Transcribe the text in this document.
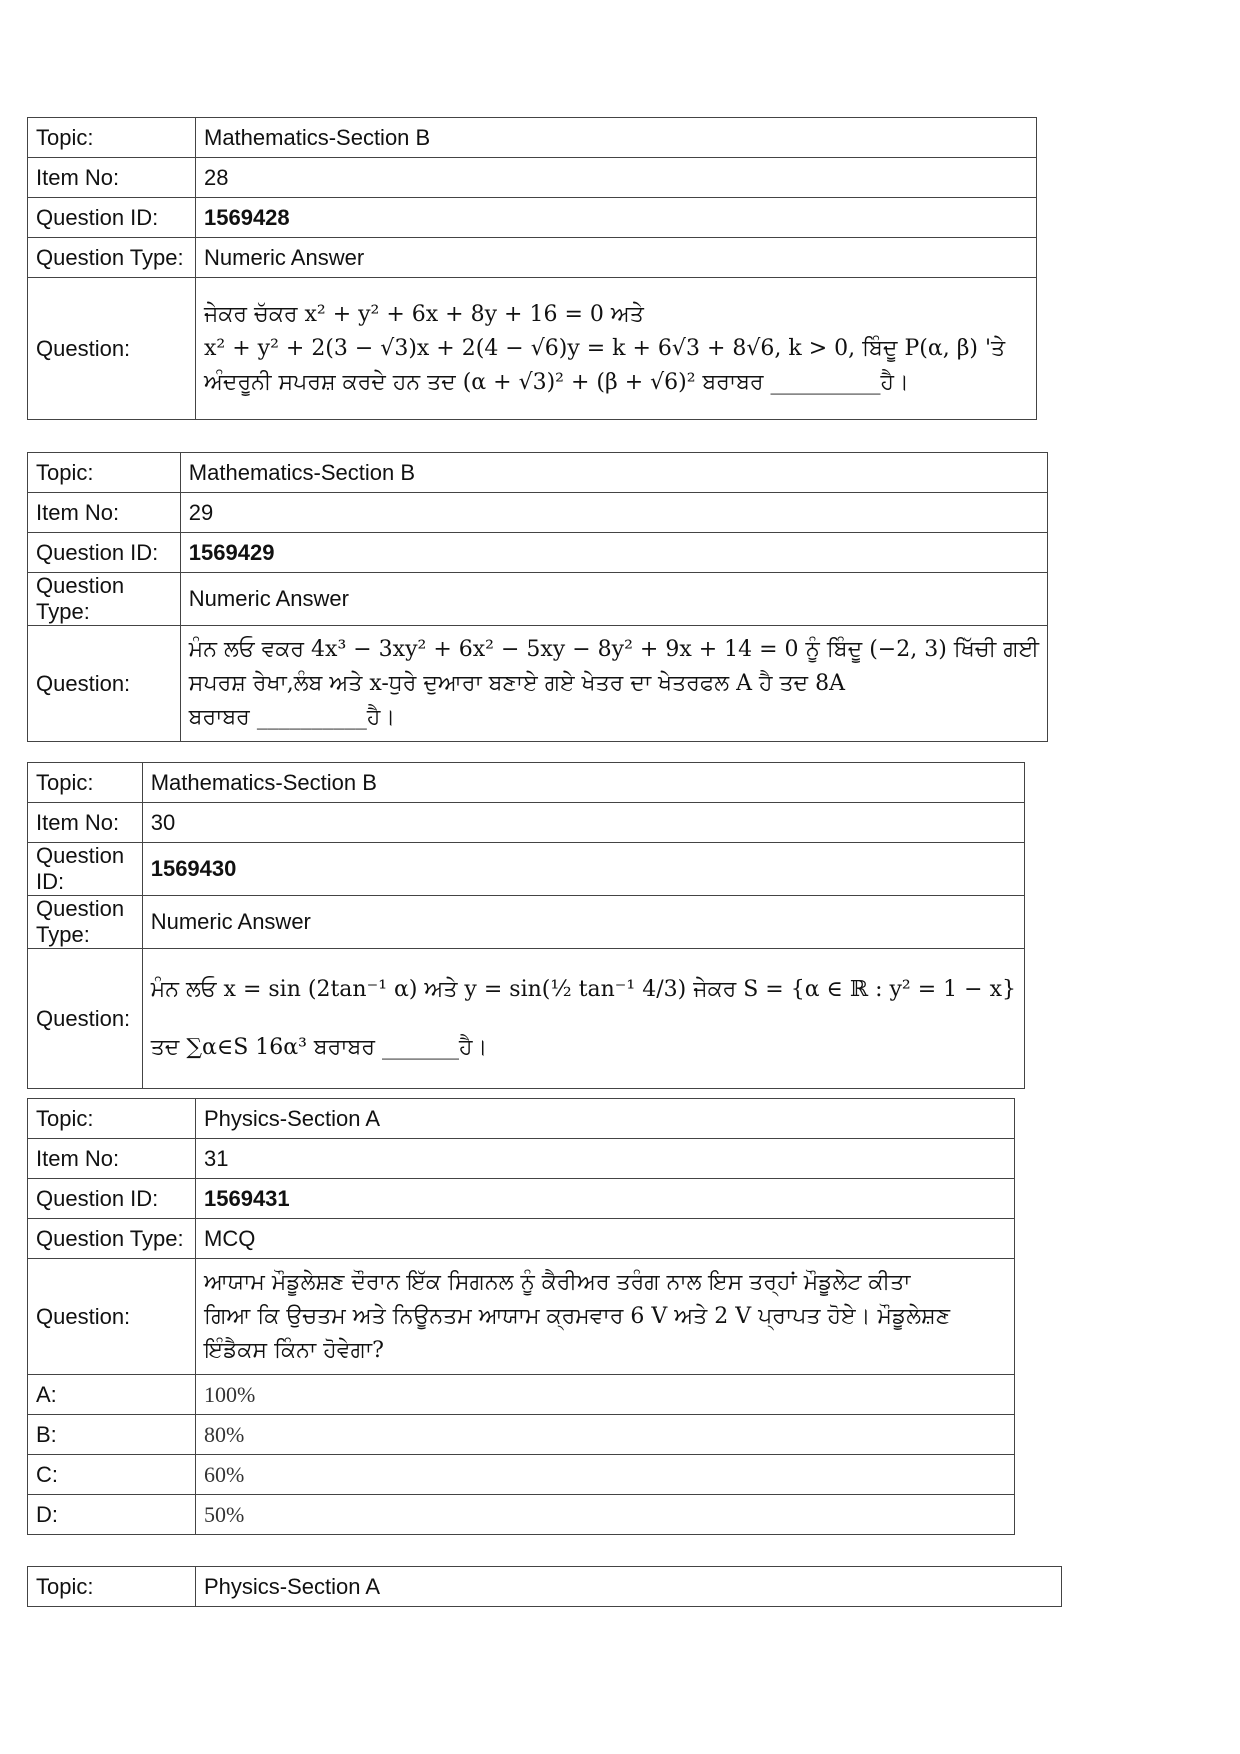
Topic:	Mathematics-Section B
Item No:	28
Question ID:	1569428
Question Type:	Numeric Answer
Question:	ਜੇਕਰ ਚੱਕਰ x² + y² + 6x + 8y + 16 = 0 ਅਤੇ
x² + y² + 2(3 − √3)x + 2(4 − √6)y = k + 6√3 + 8√6, k > 0, ਬਿੰਦੂ P(α, β) 'ਤੇ
ਅੰਦਰੂਨੀ ਸਪਰਸ਼ ਕਰਦੇ ਹਨ ਤਦ (α + √3)² + (β + √6)² ਬਰਾਬਰ __________ਹੈ।
Topic:	Mathematics-Section B
Item No:	29
Question ID:	1569429
Question Type:	Numeric Answer
Question:	ਮੰਨ ਲਓ ਵਕਰ 4x³ − 3xy² + 6x² − 5xy − 8y² + 9x + 14 = 0 ਨੂੰ ਬਿੰਦੂ (−2, 3) ਖਿੱਚੀ ਗਈ
ਸਪਰਸ਼ ਰੇਖਾ,ਲੰਬ ਅਤੇ x-ਧੁਰੇ ਦੁਆਰਾ ਬਣਾਏ ਗਏ ਖੇਤਰ ਦਾ ਖੇਤਰਫਲ A ਹੈ ਤਦ 8A
ਬਰਾਬਰ __________ਹੈ।
Topic:	Mathematics-Section B
Item No:	30
Question ID:	1569430
Question Type:	Numeric Answer
Question:	ਮੰਨ ਲਓ x = sin (2tan⁻¹ α) ਅਤੇ y = sin(½ tan⁻¹ 4/3) ਜੇਕਰ S = {α ∈ ℝ : y² = 1 − x}
ਤਦ ∑α∈S 16α³ ਬਰਾਬਰ _______ਹੈ।
Topic:	Physics-Section A
Item No:	31
Question ID:	1569431
Question Type:	MCQ
Question:	ਆਯਾਮ ਮੌਡੂਲੇਸ਼ਣ ਦੌਰਾਨ ਇੱਕ ਸਿਗਨਲ ਨੂੰ ਕੈਰੀਅਰ ਤਰੰਗ ਨਾਲ ਇਸ ਤਰ੍ਹਾਂ ਮੌਡੂਲੇਟ ਕੀਤਾ
ਗਿਆ ਕਿ ਉਚਤਮ ਅਤੇ ਨਿਊਨਤਮ ਆਯਾਮ ਕ੍ਰਮਵਾਰ 6 V ਅਤੇ 2 V ਪ੍ਰਾਪਤ ਹੋਏ। ਮੌਡੂਲੇਸ਼ਣ
ਇੰਡੈਕਸ ਕਿੰਨਾ ਹੋਵੇਗਾ?

A:	100%
B:	80%
C:	60%
D:	50%
Topic:	Physics-Section A
